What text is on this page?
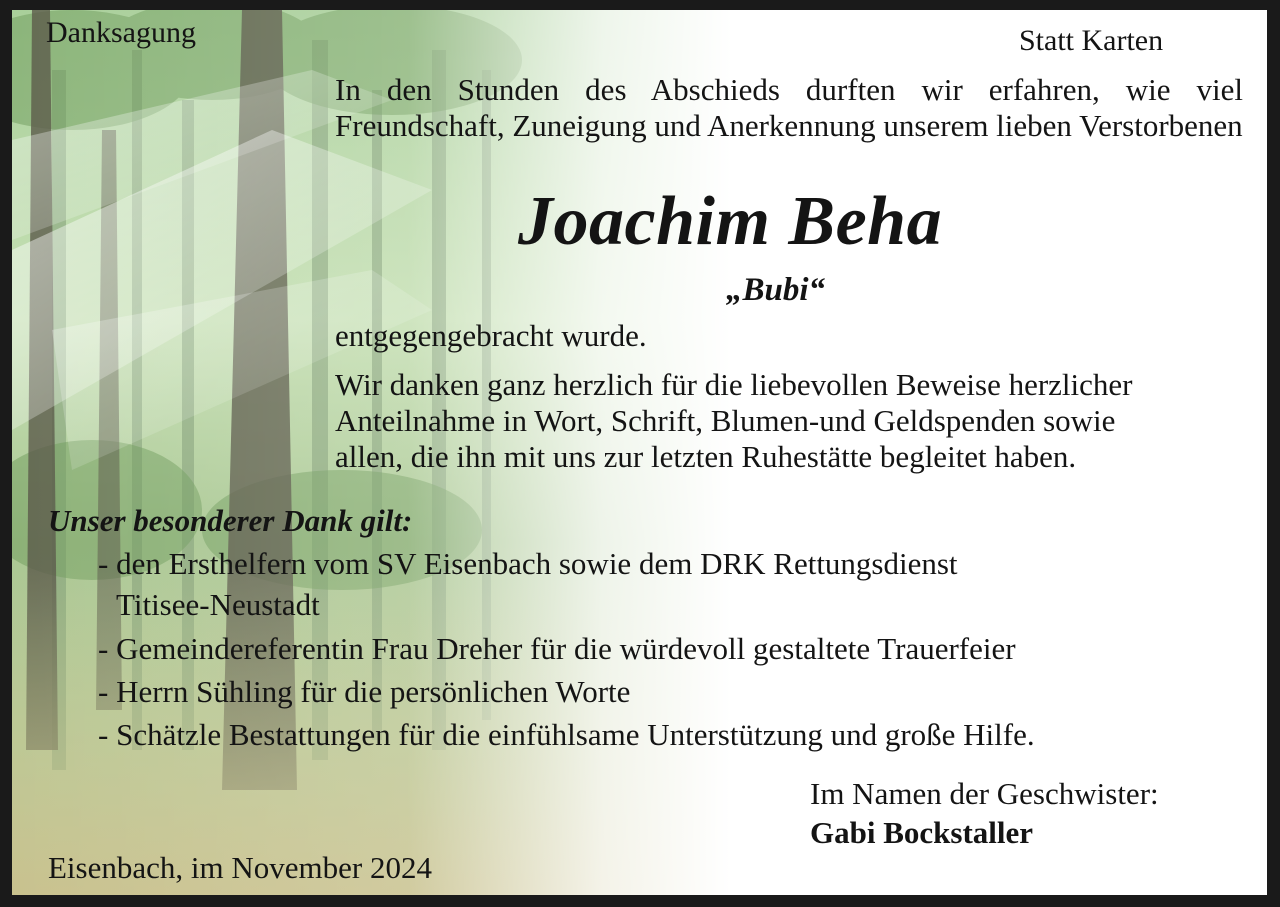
Danksagung	Statt Karten
In den Stunden des Abschieds durften wir erfahren, wie viel Freundschaft, Zuneigung und Anerkennung unserem lieben Verstorbenen
Joachim Beha
„Bubi“
entgegengebracht wurde.
Wir danken ganz herzlich für die liebevollen Beweise herzlicher
Anteilnahme in Wort, Schrift, Blumen-und Geldspenden sowie
allen, die ihn mit uns zur letzten Ruhestätte begleitet haben.
Unser besonderer Dank gilt:
- den Ersthelfern vom SV Eisenbach sowie dem DRK Rettungsdienst
Titisee-Neustadt
- Gemeindereferentin Frau Dreher für die würdevoll gestaltete Trauerfeier
- Herrn Sühling für die persönlichen Worte
- Schätzle Bestattungen für die einfühlsame Unterstützung und große Hilfe.
Im Namen der Geschwister:
Gabi Bockstaller
Eisenbach, im November 2024
